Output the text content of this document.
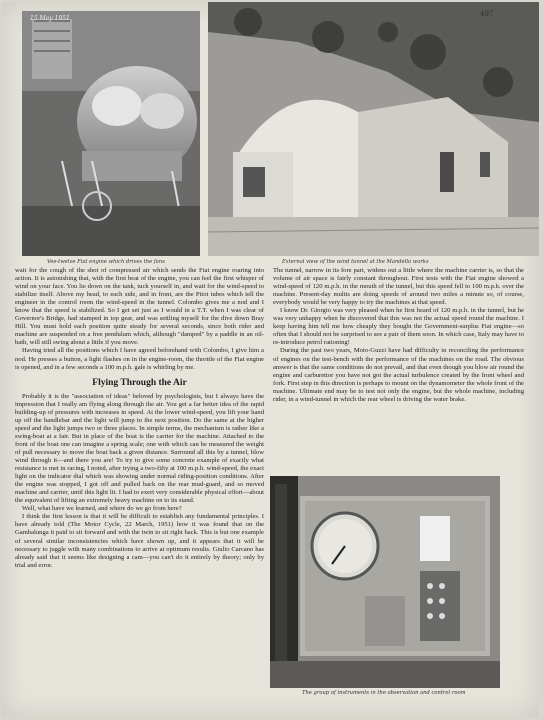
15 May 1951
Vee-twelve Fiat engine which drives the fans
497
External view of the wind tunnel at the Mandello works

wait for the cough of the shot of compressed air which sends the Fiat engine roaring into action. It is astonishing that, with the first beat of the engine, you can feel the first whisper of wind on your face. You lie down on the tank, tuck yourself in, and wait for the wind-speed to stabilize itself. Above my head, to each side, and in front, are the Pitot tubes which tell the engineer in the control room the wind-speed in the tunnel. Colombo gives me a nod and I know that the speed is stabilized. So I get set just as I would in a T.T. when I was clear of Governor's Bridge, had stamped in top gear, and was settling myself for the dive down Bray Hill. You must hold each position quite steady for several seconds, since both rider and machine are suspended on a free pendulum which, although "damped" by a paddle in an oil-bath, will still swing about a little if you move.

Having tried all the positions which I have agreed beforehand with Colombo, I give him a nod. He presses a button, a light flashes on in the engine-room, the throttle of the Fiat engine is opened, and in a few seconds a 100 m.p.h. gale is whirling by me.

Flying Through the Air

Probably it is the "association of ideas" beloved by psychologists, but I always have the impression that I really am flying along through the air. You get a far better idea of the rapid building-up of pressures with increases in speed. At the lower wind-speed, you lift your hand up off the handlebar and the light will jump to the next position. Do the same at the higher speed and the light jumps two or three places. In simple terms, the mechanism is rather like a swing-boat at a fair. But in place of the boat is the carrier for the machine. Attached to the front of the boat one can imagine a spring scale; one with which can be measured the weight of pull necessary to move the boat back a given distance. Surround all this by a tunnel, blow wind through it—and there you are! To try to give some concrete example of exactly what resistance is met in racing, I noted, after trying a two-fifty at 100 m.p.h. wind-speed, the exact light on the indicator dial which was showing under normal riding-position conditions. After the engine was stopped, I got off and pulled back on the rear mud-guard, and so moved machine and carrier, until this light lit. I had to exert very considerable physical effort—about the equivalent of lifting an extremely heavy machine on to its stand.

Well, what have we learned, and where do we go from here?

I think the first lesson is that it will be difficult to establish any fundamental principles. I have already told (The Motor Cycle, 22 March, 1951) how it was found that on the Gambalunga it paid to sit forward and with the twin to sit right back. This is but one example of several similar inconsistencies which have shown up, and it appears that it will be necessary to juggle with many combinations to arrive at optimum results. Giulio Carcano has already said that it seems like designing a cam—you can't do it entirely by theory; only by trial and error.

The tunnel, narrow in its fore part, widens out a little where the machine carrier is, so that the volume of air space is fairly constant throughout. First tests with the Fiat engine showed a wind-speed of 120 m.p.h. in the mouth of the tunnel, but this speed fell to 100 m.p.h. over the machine. Present-day multis are doing speeds of around two miles a minute so, of course, everybody would be very happy to try the machines at that speed.

I know Dr. Giorgio was very pleased when he first heard of 120 m.p.h. in the tunnel, but he was very unhappy when he discovered that this was not the actual speed round the machine. I keep having him tell me how cheaply they bought the Government-surplus Fiat engine—so often that I should not be surprised to see a pair of them soon. In which case, Italy may have to re-introduce petrol rationing!

During the past two years, Moto-Guzzi have had difficulty in reconciling the performance of engines on the test-bench with the performance of the machines on the road. The obvious answer is that the same conditions do not prevail, and that even though you blow air round the engine and carburettor you have not got the actual turbulence created by the front wheel and fork. First step in this direction is perhaps to mount on the dynamometer the whole front of the machine. Ultimate end may be to test not only the engine, but the whole machine, including rider, in a wind-tunnel in which the rear wheel is driving the water brake.

The group of instruments in the observation and control room
